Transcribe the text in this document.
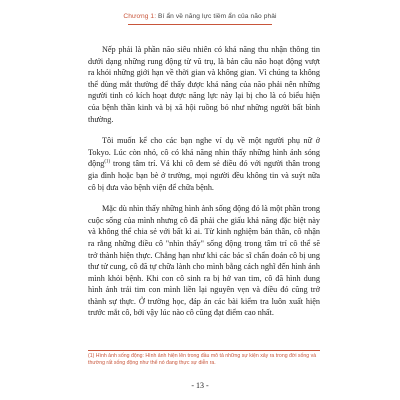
Chương 1: Bí ẩn về năng lực tiềm ẩn của não phải

Nếp phải là phần não siêu nhiên có khả năng thu nhận thông tin dưới dạng những rung động từ vũ trụ, là bản câu não hoạt động vượt ra khỏi những giới hạn về thời gian và không gian. Vì chúng ta không thể dùng mắt thường để thấy được khả năng của não phải nên những người tinh có kích hoạt được năng lực này lại bị cho là có biểu hiện của bệnh thần kinh và bị xã hội ruồng bỏ như những người bất bình thường.

Tôi muốn kể cho các bạn nghe ví dụ về một người phụ nữ ở Tokyo. Lúc còn nhỏ, cô có khả năng nhìn thấy những hình ảnh sóng động$^{(1)}$ trong tâm trí. Vả khi cô đem sẻ điều đó với người thân trong gia đình hoặc bạn bè ở trường, mọi người đều không tin và suýt nữa cô bị đưa vào bệnh viện để chữa bệnh.

Mặc dù nhìn thấy những hình ảnh sống động đó là một phần trong cuộc sống của mình nhưng cô đã phải che giấu khả năng đặc biệt này và không thể chia sẻ với bất kì ai. Từ kinh nghiệm bản thân, cô nhận ra rằng những điều cô "nhìn thấy" sống động trong tâm trí cô thể sẽ trở thành hiện thực. Chẳng hạn như khi các bác sĩ chẩn đoán cô bị ung thư tử cung, cô đã tự chữa lành cho mình bằng cách nghĩ đến hình ảnh mình khỏi bệnh. Khi con cô sinh ra bị hở van tim, cô đã hình dung hình ảnh trái tim con mình liền lại nguyên vẹn và điều đó cũng trở thành sự thực. Ở trường học, đáp án các bài kiểm tra luôn xuất hiện trước mắt cô, bởi vậy lúc nào cô cũng đạt điểm cao nhất.

(1) Hình ảnh sống động: Hình ảnh hiện lên trong đầu mô tả những sự kiện xảy ra trong đời sống và thường rất sống động như thể nó đang thực sự diễn ra.
- 13 -
